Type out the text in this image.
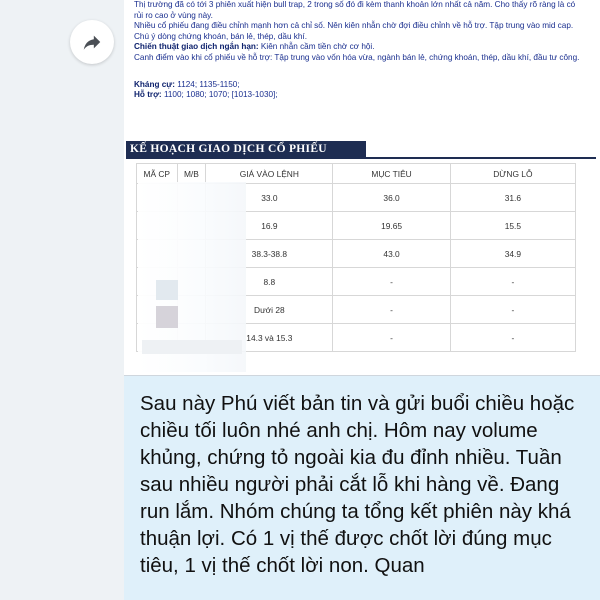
Thị trường đã có tới 3 phiên xuất hiện bull trap, 2 trong số đó đi kèm thanh khoản lớn nhất cả năm. Cho thấy rõ ràng là có rủi ro cao ở vùng này.

Nhiều cổ phiếu đang điều chỉnh mạnh hơn cả chỉ số. Nên kiên nhẫn chờ đợi điều chỉnh về hỗ trợ. Tập trung vào mid cap. Chú ý dòng chứng khoán, bán lẻ, thép, dầu khí.

Chiến thuật giao dịch ngắn hạn: Kiên nhẫn cầm tiền chờ cơ hội.

Canh điểm vào khi cổ phiếu về hỗ trợ: Tập trung vào vốn hóa vừa, ngành bán lẻ, chứng khoán, thép, dầu khí, đầu tư công.

Kháng cự: 1124; 1135-1150;

Hỗ trợ: 1100; 1080; 1070; [1013-1030];

KẾ HOẠCH GIAO DỊCH CỔ PHIẾU
MÃ CP	M/B	GIÁ VÀO LỆNH	MỤC TIÊU	DỪNG LỖ
		33.0	36.0	31.6
		16.9	19.65	15.5
		38.3-38.8	43.0	34.9
		8.8	-	-
		Dưới 28	-	-
		14.3 và 15.3	-	-

Sau này Phú viết bản tin và gửi buổi chiều hoặc chiều tối luôn nhé anh chị. Hôm nay volume khủng, chứng tỏ ngoài kia đu đỉnh nhiều. Tuần sau nhiều người phải cắt lỗ khi hàng về. Đang run lắm. Nhóm chúng ta tổng kết phiên này khá thuận lợi. Có 1 vị thế được chốt lời đúng mục tiêu, 1 vị thế chốt lời non. Quan
